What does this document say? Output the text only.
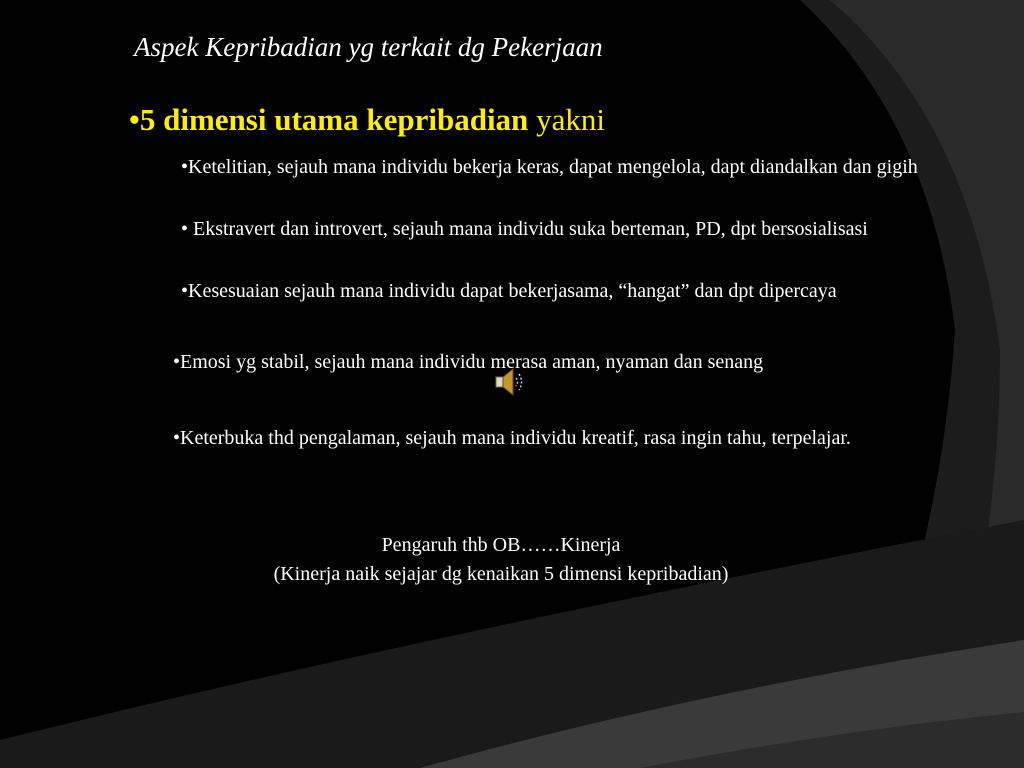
Aspek Kepribadian yg terkait dg Pekerjaan
•5 dimensi utama kepribadian yakni

•Ketelitian, sejauh mana individu bekerja keras, dapat mengelola, dapt diandalkan dan gigih

• Ekstravert dan introvert, sejauh mana individu suka berteman, PD, dpt bersosialisasi

•Kesesuaian sejauh mana individu dapat bekerjasama, “hangat” dan dpt dipercaya

•Emosi yg stabil, sejauh mana individu merasa aman, nyaman dan senang

•Keterbuka thd pengalaman, sejauh mana individu kreatif, rasa ingin tahu, terpelajar.

Pengaruh thb OB……Kinerja
(Kinerja naik sejajar dg kenaikan 5 dimensi kepribadian)
